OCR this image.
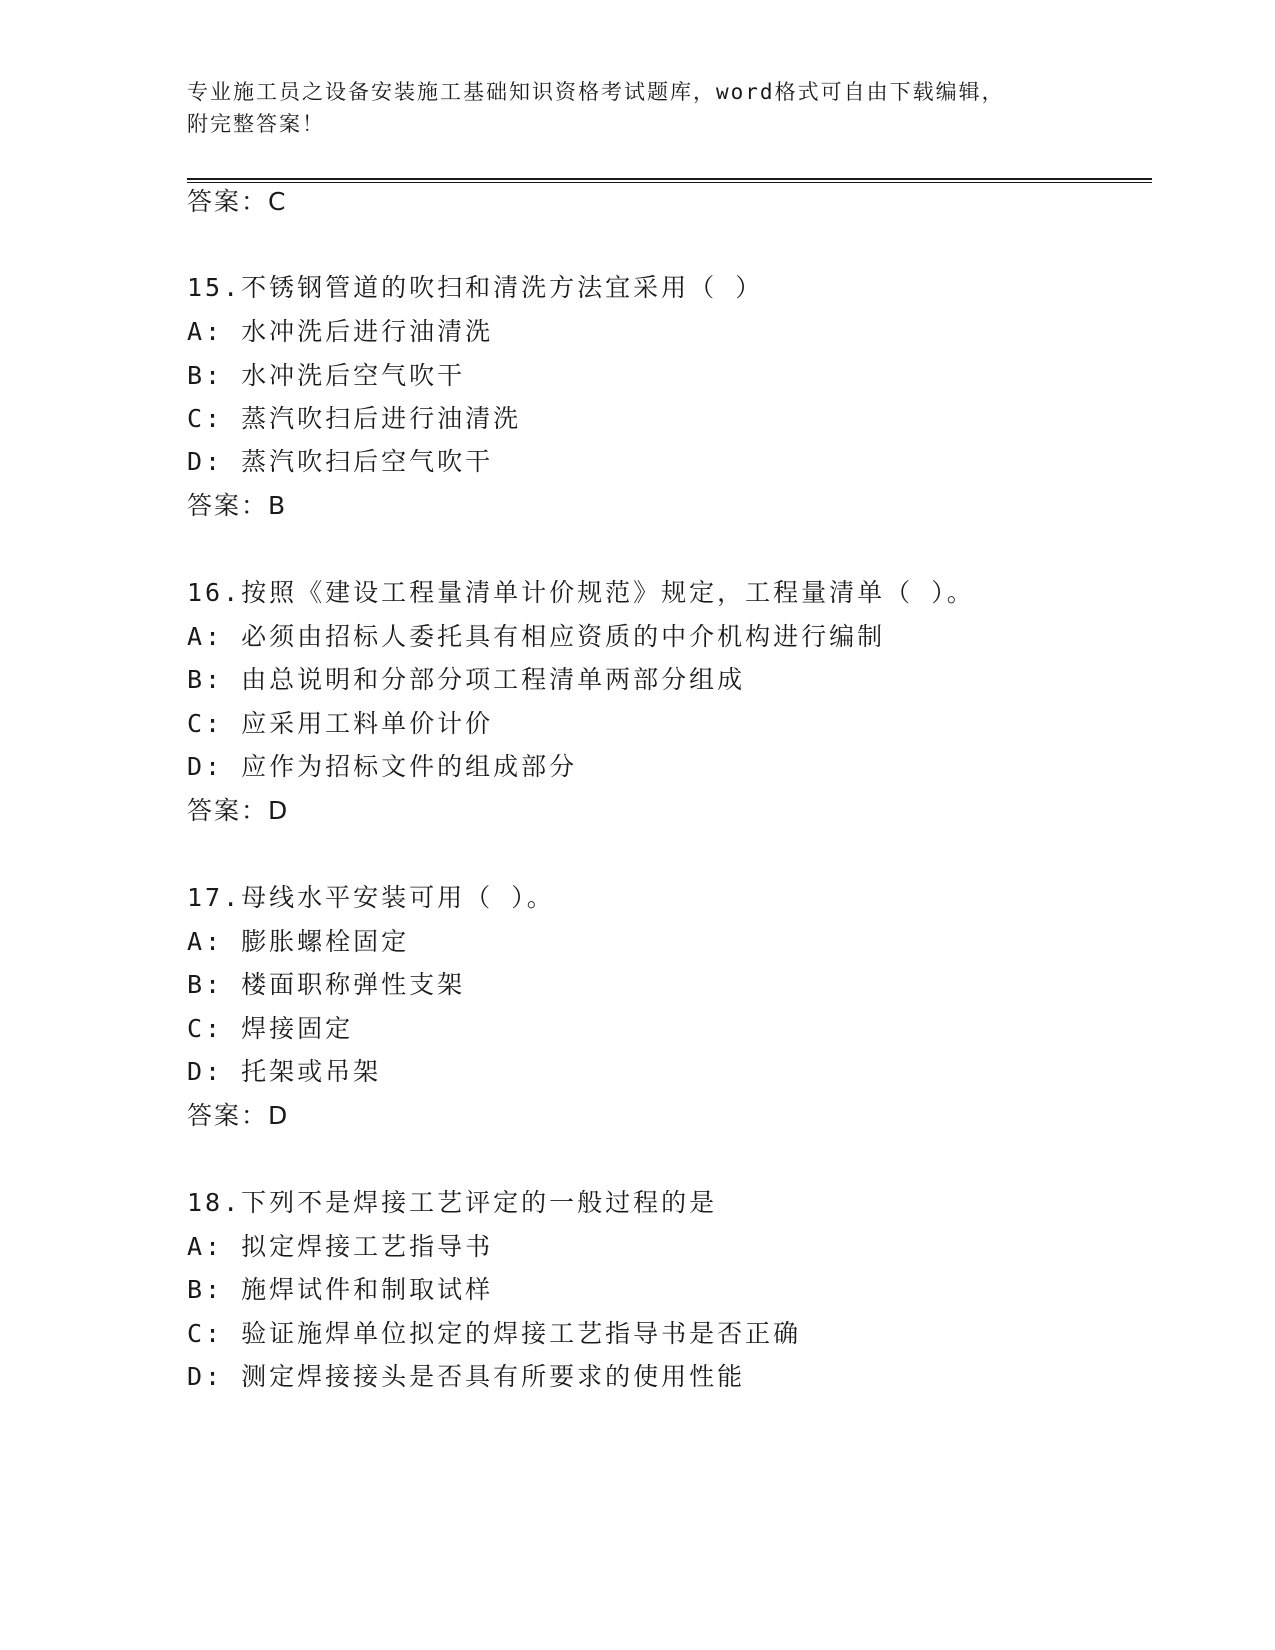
专业施工员之设备安装施工基础知识资格考试题库，word格式可自由下载编辑，
附完整答案！
答案：C
15.不锈钢管道的吹扫和清洗方法宜采用（ ）
A: 水冲洗后进行油清洗
B: 水冲洗后空气吹干
C: 蒸汽吹扫后进行油清洗
D: 蒸汽吹扫后空气吹干
答案：B
16.按照《建设工程量清单计价规范》规定，工程量清单（ ）。
A: 必须由招标人委托具有相应资质的中介机构进行编制
B: 由总说明和分部分项工程清单两部分组成
C: 应采用工料单价计价
D: 应作为招标文件的组成部分
答案：D
17.母线水平安装可用（ ）。
A: 膨胀螺栓固定
B: 楼面职称弹性支架
C: 焊接固定
D: 托架或吊架
答案：D
18.下列不是焊接工艺评定的一般过程的是
A: 拟定焊接工艺指导书
B: 施焊试件和制取试样
C: 验证施焊单位拟定的焊接工艺指导书是否正确
D: 测定焊接接头是否具有所要求的使用性能
